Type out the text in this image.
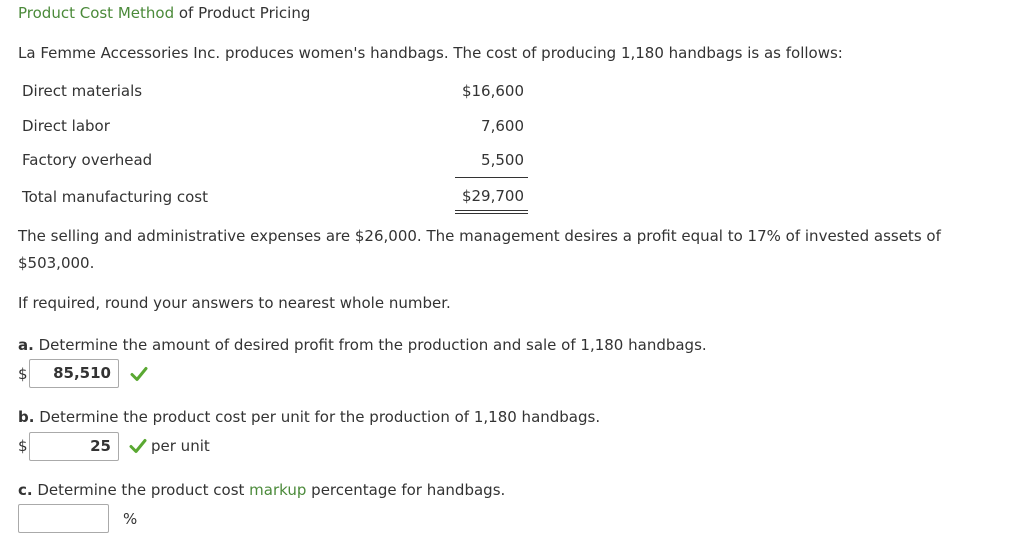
Product Cost Method of Product Pricing
La Femme Accessories Inc. produces women's handbags. The cost of producing 1,180 handbags is as follows:
Direct materials	$16,600
Direct labor	7,600
Factory overhead	5,500
Total manufacturing cost	$29,700
The selling and administrative expenses are $26,000. The management desires a profit equal to 17% of invested assets of
$503,000.
If required, round your answers to nearest whole number.
a. Determine the amount of desired profit from the production and sale of 1,180 handbags.
$	85,510
b. Determine the product cost per unit for the production of 1,180 handbags.
$	25	per unit
c. Determine the product cost markup percentage for handbags.
%
